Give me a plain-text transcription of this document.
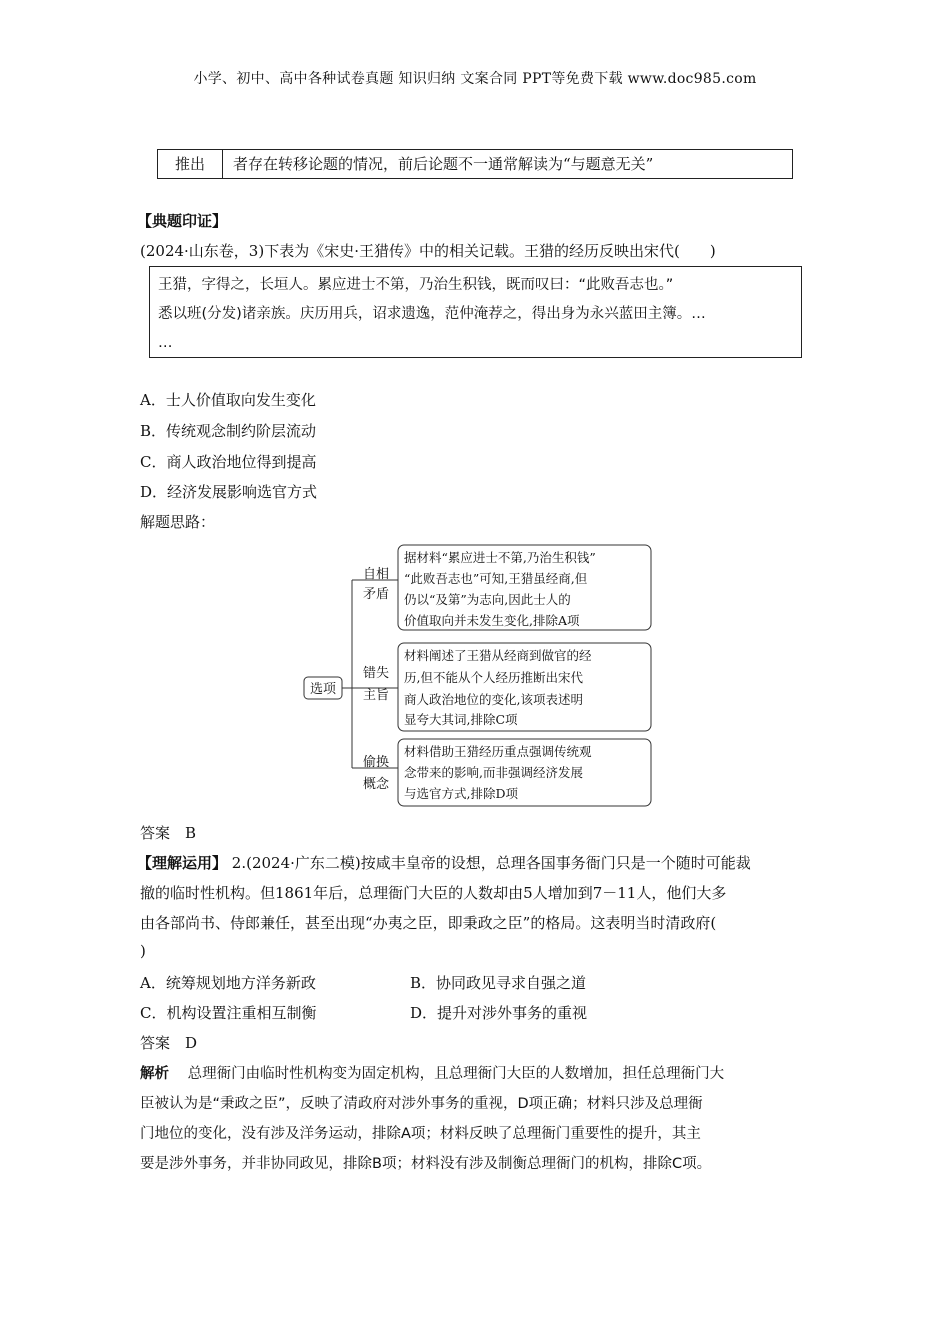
小学、初中、高中各种试卷真题 知识归纳 文案合同 PPT等免费下载 www.doc985.com
推出	者存在转移论题的情况，前后论题不一通常解读为“与题意无关”
【典题印证】
(2024·山东卷，3)下表为《宋史·王猎传》中的相关记载。王猎的经历反映出宋代(　　)
王猎，字得之，长垣人。累应进士不第，乃治生积钱，既而叹曰：“此败吾志也。”
悉以班(分发)诸亲族。庆历用兵，诏求遗逸，范仲淹荐之，得出身为永兴蓝田主簿。…
…
A．士人价值取向发生变化
B．传统观念制约阶层流动
C．商人政治地位得到提高
D．经济发展影响选官方式
解题思路：
选项
自相
矛盾
据材料“累应进士不第,乃治生积钱”
“此败吾志也”可知,王猎虽经商,但
仍以“及第”为志向,因此士人的
价值取向并未发生变化,排除A项
错失
主旨
材料阐述了王猎从经商到做官的经
历,但不能从个人经历推断出宋代
商人政治地位的变化,该项表述明
显夸大其词,排除C项
偷换
概念
材料借助王猎经历重点强调传统观
念带来的影响,而非强调经济发展
与选官方式,排除D项
答案　B
【理解运用】 2.(2024·广东二模)按咸丰皇帝的设想，总理各国事务衙门只是一个随时可能裁
撤的临时性机构。但1861年后，总理衙门大臣的人数却由5人增加到7－11人，他们大多
由各部尚书、侍郎兼任，甚至出现“办夷之臣，即秉政之臣”的格局。这表明当时清政府(
)
A．统筹规划地方洋务新政	B．协同政见寻求自强之道
C．机构设置注重相互制衡	D．提升对涉外事务的重视
答案　D
解析 总理衙门由临时性机构变为固定机构，且总理衙门大臣的人数增加，担任总理衙门大
臣被认为是“秉政之臣”，反映了清政府对涉外事务的重视，D项正确；材料只涉及总理衙
门地位的变化，没有涉及洋务运动，排除A项；材料反映了总理衙门重要性的提升，其主
要是涉外事务，并非协同政见，排除B项；材料没有涉及制衡总理衙门的机构，排除C项。
